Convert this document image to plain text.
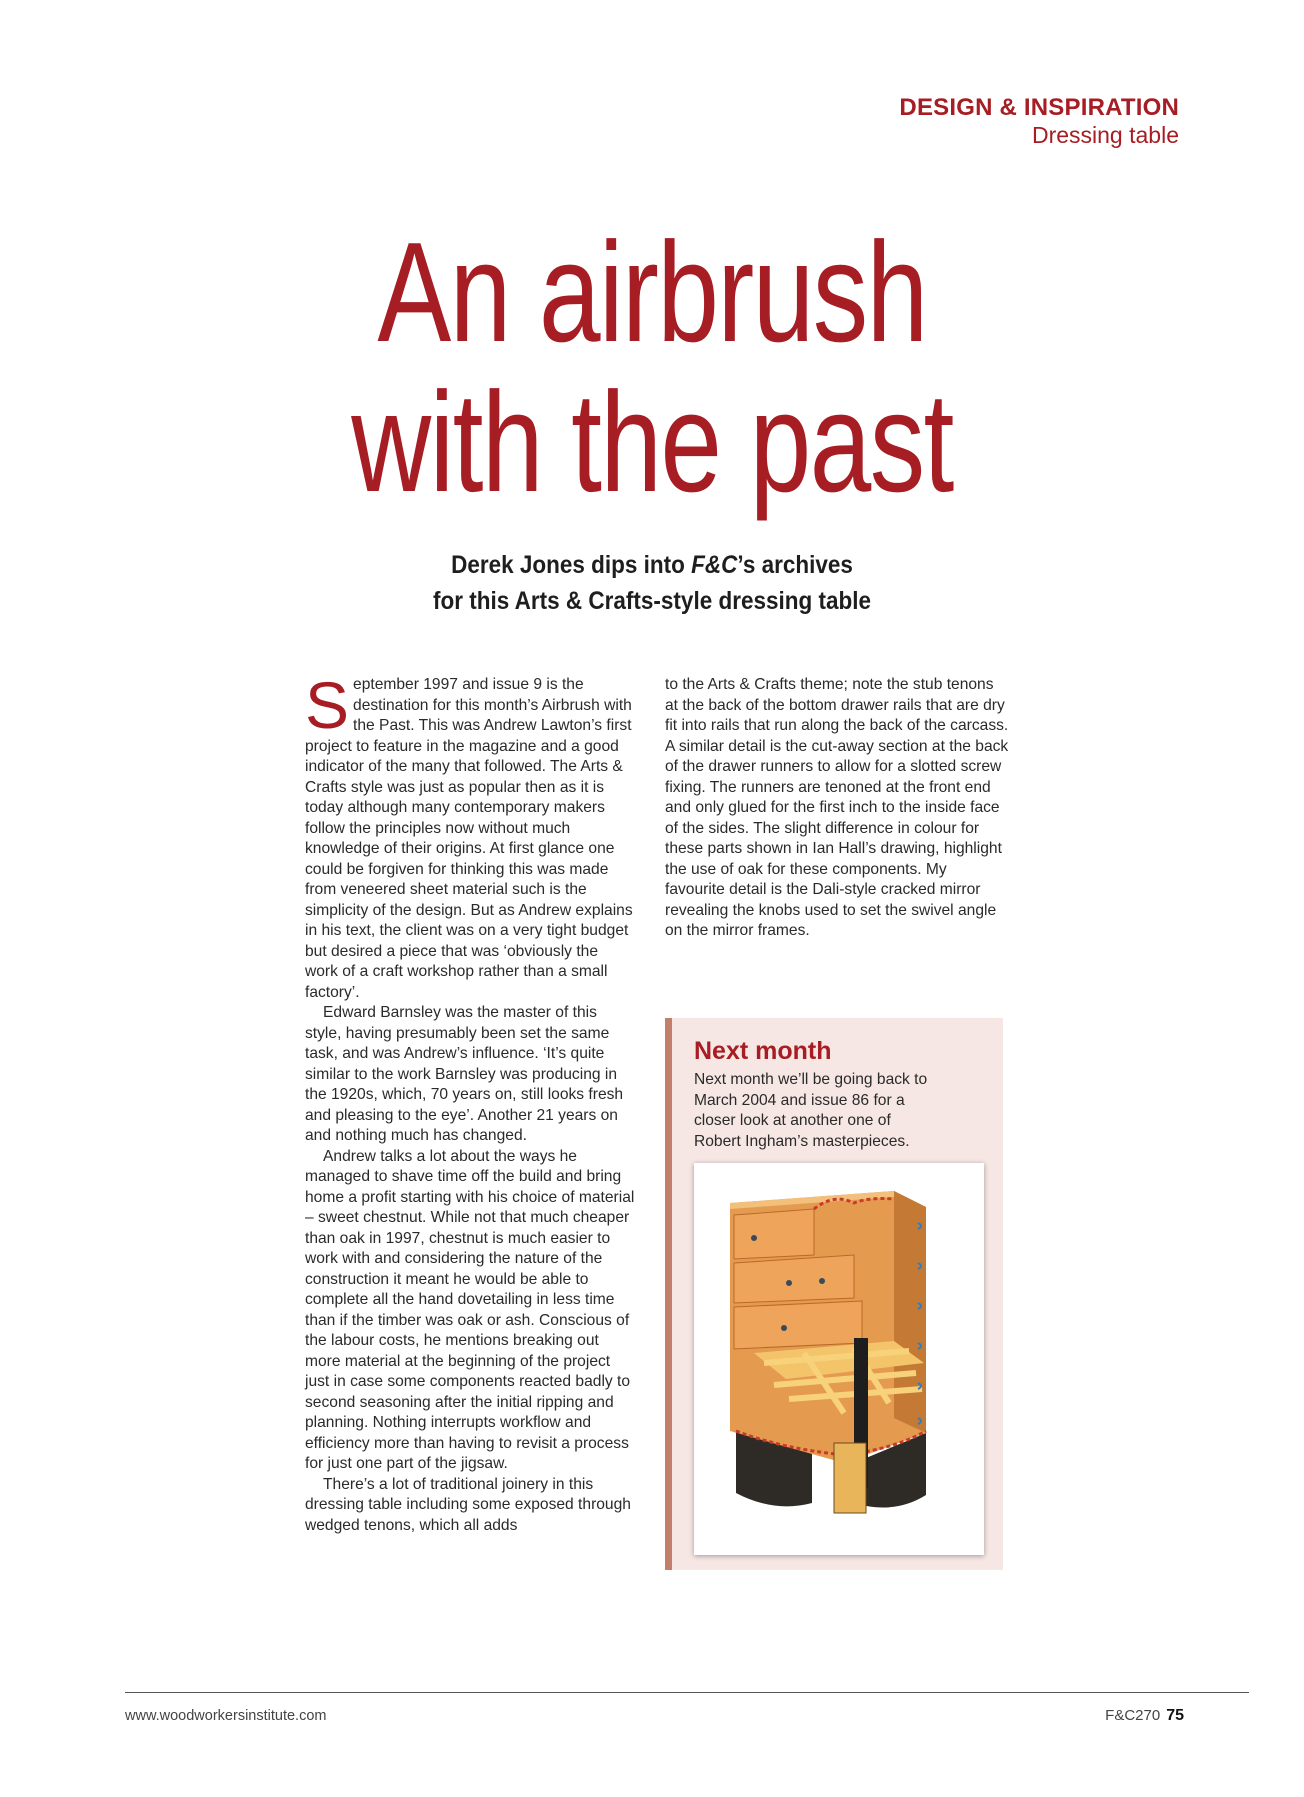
DESIGN & INSPIRATION
Dressing table
An airbrush
with the past
Derek Jones dips into F&C’s archives
for this Arts & Crafts-style dressing table

September 1997 and issue 9 is the destination for this month’s Airbrush with the Past. This was Andrew Lawton’s first project to feature in the magazine and a good indicator of the many that followed. The Arts & Crafts style was just as popular then as it is today although many contemporary makers follow the principles now without much knowledge of their origins. At first glance one could be forgiven for thinking this was made from veneered sheet material such is the simplicity of the design. But as Andrew explains in his text, the client was on a very tight budget but desired a piece that was ‘obviously the work of a craft workshop rather than a small factory’.

Edward Barnsley was the master of this style, having presumably been set the same task, and was Andrew’s influence. ‘It’s quite similar to the work Barnsley was producing in the 1920s, which, 70 years on, still looks fresh and pleasing to the eye’. Another 21 years on and nothing much has changed.

Andrew talks a lot about the ways he managed to shave time off the build and bring home a profit starting with his choice of material – sweet chestnut. While not that much cheaper than oak in 1997, chestnut is much easier to work with and considering the nature of the construction it meant he would be able to complete all the hand dovetailing in less time than if the timber was oak or ash. Conscious of the labour costs, he mentions breaking out more material at the beginning of the project just in case some components reacted badly to second seasoning after the initial ripping and planning. Nothing interrupts workflow and efficiency more than having to revisit a process for just one part of the jigsaw.

There’s a lot of traditional joinery in this dressing table including some exposed through wedged tenons, which all adds

to the Arts & Crafts theme; note the stub tenons at the back of the bottom drawer rails that are dry fit into rails that run along the back of the carcass. A similar detail is the cut-away section at the back of the drawer runners to allow for a slotted screw fixing. The runners are tenoned at the front end and only glued for the first inch to the inside face of the sides. The slight difference in colour for these parts shown in Ian Hall’s drawing, highlight the use of oak for these components. My favourite detail is the Dali-style cracked mirror revealing the knobs used to set the swivel angle on the mirror frames.

Next month
Next month we’ll be going back to March 2004 and issue 86 for a closer look at another one of Robert Ingham’s masterpieces.
www.woodworkersinstitute.com	F&C270 75
